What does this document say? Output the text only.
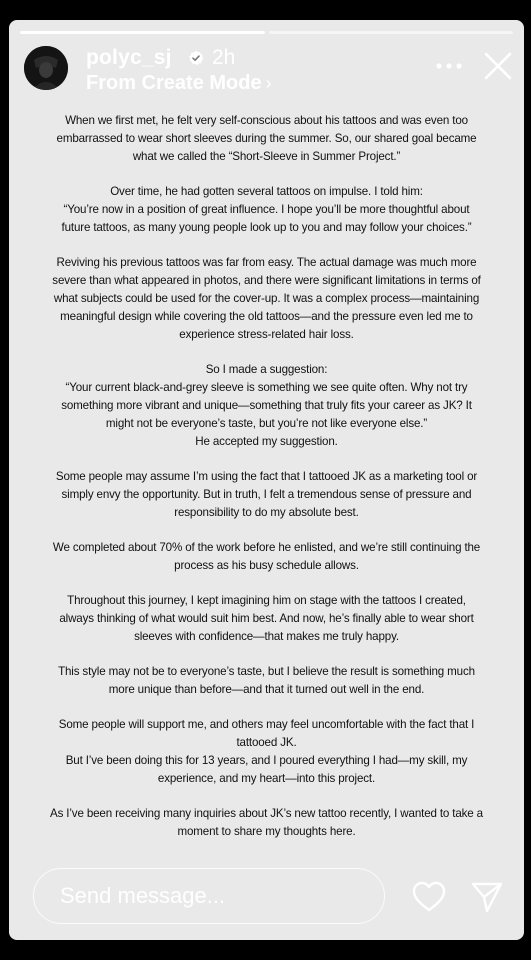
polyc_sj 2h
From Create Mode ›

When we first met, he felt very self-conscious about his tattoos and was even too embarrassed to wear short sleeves during the summer. So, our shared goal became what we called the “Short-Sleeve in Summer Project.”

Over time, he had gotten several tattoos on impulse. I told him:
“You’re now in a position of great influence. I hope you’ll be more thoughtful about future tattoos, as many young people look up to you and may follow your choices.”

Reviving his previous tattoos was far from easy. The actual damage was much more severe than what appeared in photos, and there were significant limitations in terms of what subjects could be used for the cover-up. It was a complex process—maintaining meaningful design while covering the old tattoos—and the pressure even led me to experience stress-related hair loss.

So I made a suggestion:
“Your current black-and-grey sleeve is something we see quite often. Why not try something more vibrant and unique—something that truly fits your career as JK? It might not be everyone’s taste, but you’re not like everyone else.”
He accepted my suggestion.

Some people may assume I’m using the fact that I tattooed JK as a marketing tool or simply envy the opportunity. But in truth, I felt a tremendous sense of pressure and responsibility to do my absolute best.

We completed about 70% of the work before he enlisted, and we’re still continuing the process as his busy schedule allows.

Throughout this journey, I kept imagining him on stage with the tattoos I created, always thinking of what would suit him best. And now, he’s finally able to wear short sleeves with confidence—that makes me truly happy.

This style may not be to everyone’s taste, but I believe the result is something much more unique than before—and that it turned out well in the end.

Some people will support me, and others may feel uncomfortable with the fact that I tattooed JK.
But I’ve been doing this for 13 years, and I poured everything I had—my skill, my experience, and my heart—into this project.

As I’ve been receiving many inquiries about JK’s new tattoo recently, I wanted to take a moment to share my thoughts here.

Send message...
